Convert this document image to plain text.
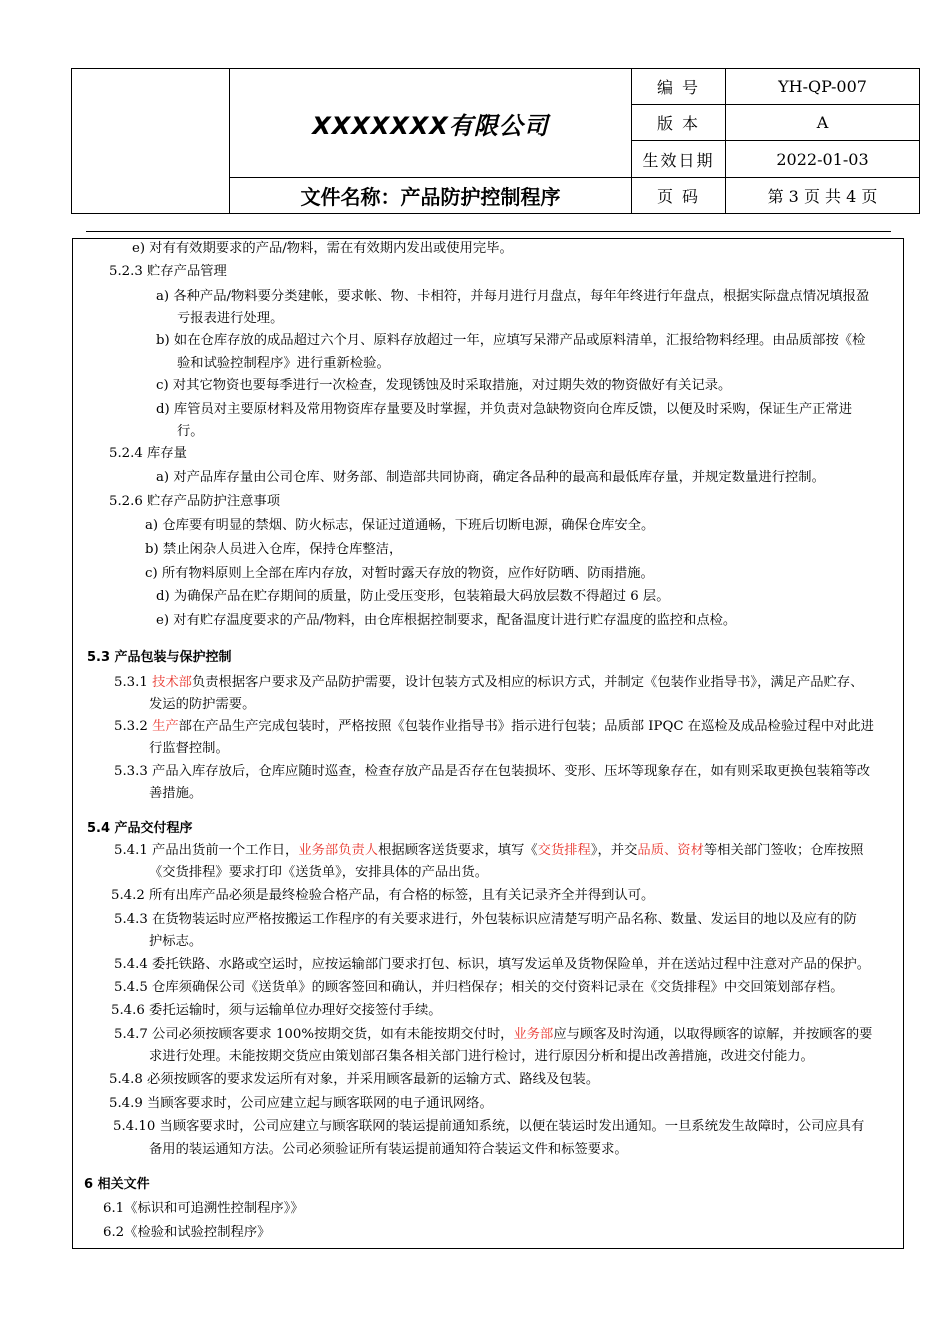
	XXXXXXX有限公司	编 号	YH-QP-007
		版 本	A
		生效日期	2022-01-03
	文件名称：产品防护控制程序	页 码	第 3 页 共 4 页
e) 对有有效期要求的产品/物料，需在有效期内发出或使用完毕。
5.2.3 贮存产品管理
a) 各种产品/物料要分类建帐，要求帐、物、卡相符，并每月进行月盘点，每年年终进行年盘点，根据实际盘点情况填报盈
亏报表进行处理。
b) 如在仓库存放的成品超过六个月、原料存放超过一年，应填写呆滞产品或原料清单，汇报给物料经理。由品质部按《检
验和试验控制程序》进行重新检验。
c) 对其它物资也要每季进行一次检查，发现锈蚀及时采取措施，对过期失效的物资做好有关记录。
d) 库管员对主要原材料及常用物资库存量要及时掌握，并负责对急缺物资向仓库反馈，以便及时采购，保证生产正常进
行。
5.2.4 库存量
a) 对产品库存量由公司仓库、财务部、制造部共同协商，确定各品种的最高和最低库存量，并规定数量进行控制。
5.2.6 贮存产品防护注意事项
a) 仓库要有明显的禁烟、防火标志，保证过道通畅，下班后切断电源，确保仓库安全。
b) 禁止闲杂人员进入仓库，保持仓库整洁，
c) 所有物料原则上全部在库内存放，对暂时露天存放的物资，应作好防晒、防雨措施。
d) 为确保产品在贮存期间的质量，防止受压变形，包装箱最大码放层数不得超过 6 层。
e) 对有贮存温度要求的产品/物料，由仓库根据控制要求，配备温度计进行贮存温度的监控和点检。
5.3 产品包装与保护控制
5.3.1 技术部负责根据客户要求及产品防护需要，设计包装方式及相应的标识方式，并制定《包装作业指导书》，满足产品贮存、
发运的防护需要。
5.3.2 生产部在产品生产完成包装时，严格按照《包装作业指导书》指示进行包装；品质部 IPQC 在巡检及成品检验过程中对此进
行监督控制。
5.3.3 产品入库存放后，仓库应随时巡查，检查存放产品是否存在包装损坏、变形、压坏等现象存在，如有则采取更换包装箱等改
善措施。
5.4 产品交付程序
5.4.1 产品出货前一个工作日，业务部负责人根据顾客送货要求，填写《交货排程》，并交品质、资材等相关部门签收；仓库按照
《交货排程》要求打印《送货单》，安排具体的产品出货。
5.4.2 所有出库产品必须是最终检验合格产品，有合格的标签，且有关记录齐全并得到认可。
5.4.3 在货物装运时应严格按搬运工作程序的有关要求进行，外包装标识应清楚写明产品名称、数量、发运目的地以及应有的防
护标志。
5.4.4 委托铁路、水路或空运时，应按运输部门要求打包、标识，填写发运单及货物保险单，并在送站过程中注意对产品的保护。
5.4.5 仓库须确保公司《送货单》的顾客签回和确认，并归档保存；相关的交付资料记录在《交货排程》中交回策划部存档。
5.4.6 委托运输时，须与运输单位办理好交接签付手续。
5.4.7 公司必须按顾客要求 100%按期交货，如有未能按期交付时，业务部应与顾客及时沟通，以取得顾客的谅解，并按顾客的要
求进行处理。未能按期交货应由策划部召集各相关部门进行检讨，进行原因分析和提出改善措施，改进交付能力。
5.4.8 必须按顾客的要求发运所有对象，并采用顾客最新的运输方式、路线及包装。
5.4.9 当顾客要求时，公司应建立起与顾客联网的电子通讯网络。
5.4.10 当顾客要求时，公司应建立与顾客联网的装运提前通知系统，以便在装运时发出通知。一旦系统发生故障时，公司应具有
备用的装运通知方法。公司必须验证所有装运提前通知符合装运文件和标签要求。
6 相关文件
6.1《标识和可追溯性控制程序》》
6.2《检验和试验控制程序》
